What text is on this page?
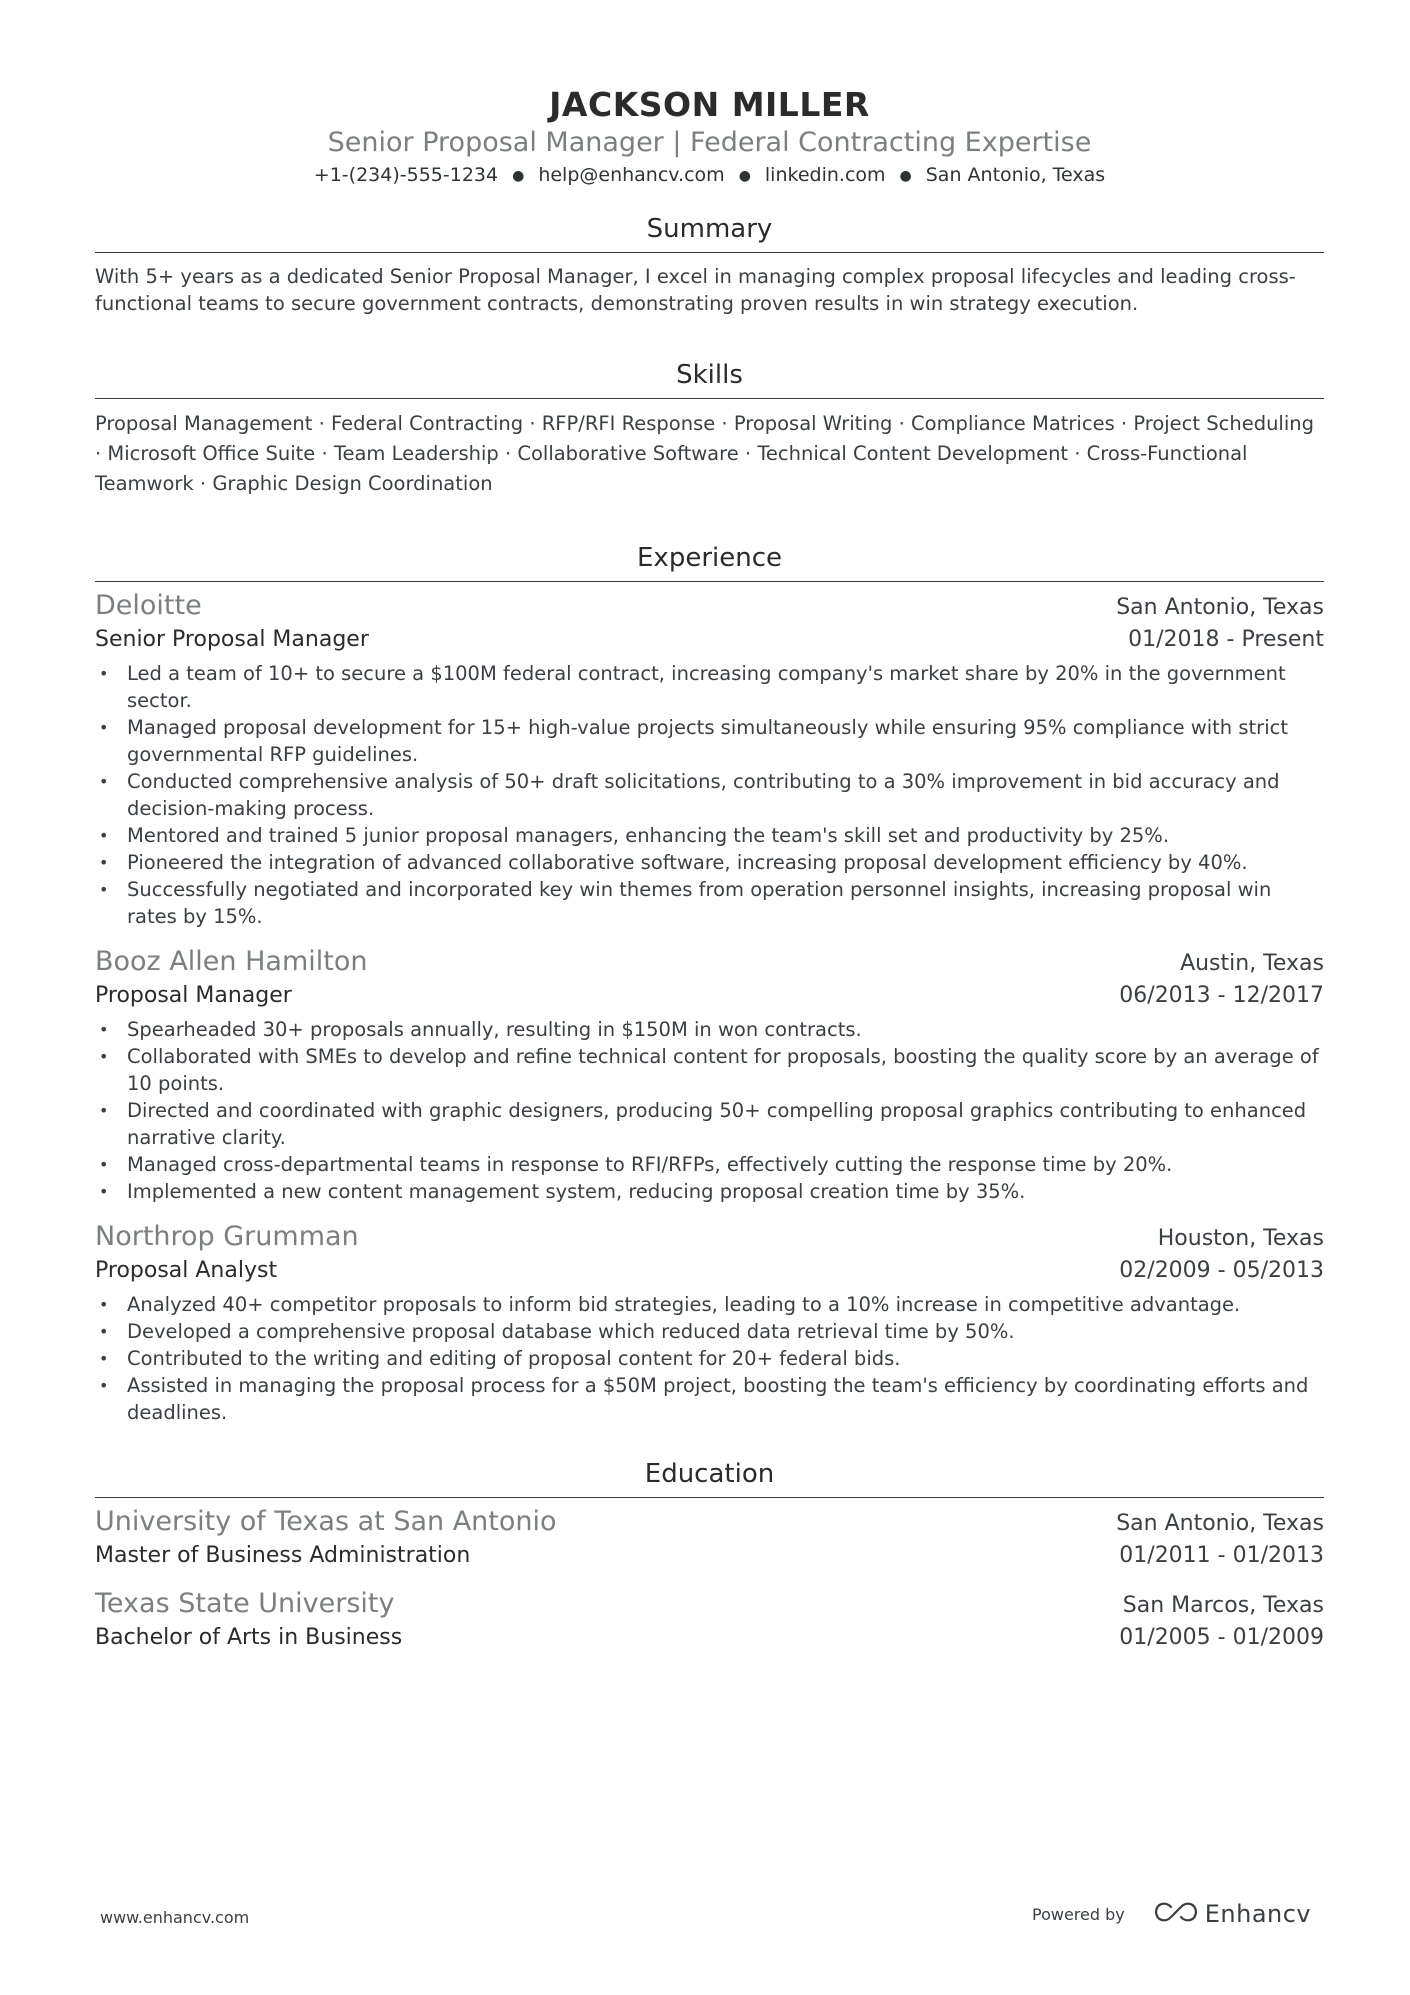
JACKSON MILLER
Senior Proposal Manager | Federal Contracting Expertise
+1-(234)-555-1234 ● help@enhancv.com ● linkedin.com ● San Antonio, Texas
Summary
With 5+ years as a dedicated Senior Proposal Manager, I excel in managing complex proposal lifecycles and leading cross-functional teams to secure government contracts, demonstrating proven results in win strategy execution.
Skills
Proposal Management · Federal Contracting · RFP/RFI Response · Proposal Writing · Compliance Matrices · Project Scheduling · Microsoft Office Suite · Team Leadership · Collaborative Software · Technical Content Development · Cross-Functional Teamwork · Graphic Design Coordination
Experience
Deloitte	San Antonio, Texas
Senior Proposal Manager	01/2018 - Present
• Led a team of 10+ to secure a $100M federal contract, increasing company's market share by 20% in the government sector.
• Managed proposal development for 15+ high-value projects simultaneously while ensuring 95% compliance with strict governmental RFP guidelines.
• Conducted comprehensive analysis of 50+ draft solicitations, contributing to a 30% improvement in bid accuracy and decision-making process.
• Mentored and trained 5 junior proposal managers, enhancing the team's skill set and productivity by 25%.
• Pioneered the integration of advanced collaborative software, increasing proposal development efficiency by 40%.
• Successfully negotiated and incorporated key win themes from operation personnel insights, increasing proposal win rates by 15%.
Booz Allen Hamilton	Austin, Texas
Proposal Manager	06/2013 - 12/2017
• Spearheaded 30+ proposals annually, resulting in $150M in won contracts.
• Collaborated with SMEs to develop and refine technical content for proposals, boosting the quality score by an average of 10 points.
• Directed and coordinated with graphic designers, producing 50+ compelling proposal graphics contributing to enhanced narrative clarity.
• Managed cross-departmental teams in response to RFI/RFPs, effectively cutting the response time by 20%.
• Implemented a new content management system, reducing proposal creation time by 35%.
Northrop Grumman	Houston, Texas
Proposal Analyst	02/2009 - 05/2013
• Analyzed 40+ competitor proposals to inform bid strategies, leading to a 10% increase in competitive advantage.
• Developed a comprehensive proposal database which reduced data retrieval time by 50%.
• Contributed to the writing and editing of proposal content for 20+ federal bids.
• Assisted in managing the proposal process for a $50M project, boosting the team's efficiency by coordinating efforts and deadlines.
Education
University of Texas at San Antonio	San Antonio, Texas
Master of Business Administration	01/2011 - 01/2013
Texas State University	San Marcos, Texas
Bachelor of Arts in Business	01/2005 - 01/2009
www.enhancv.com	Powered by	Enhancv
